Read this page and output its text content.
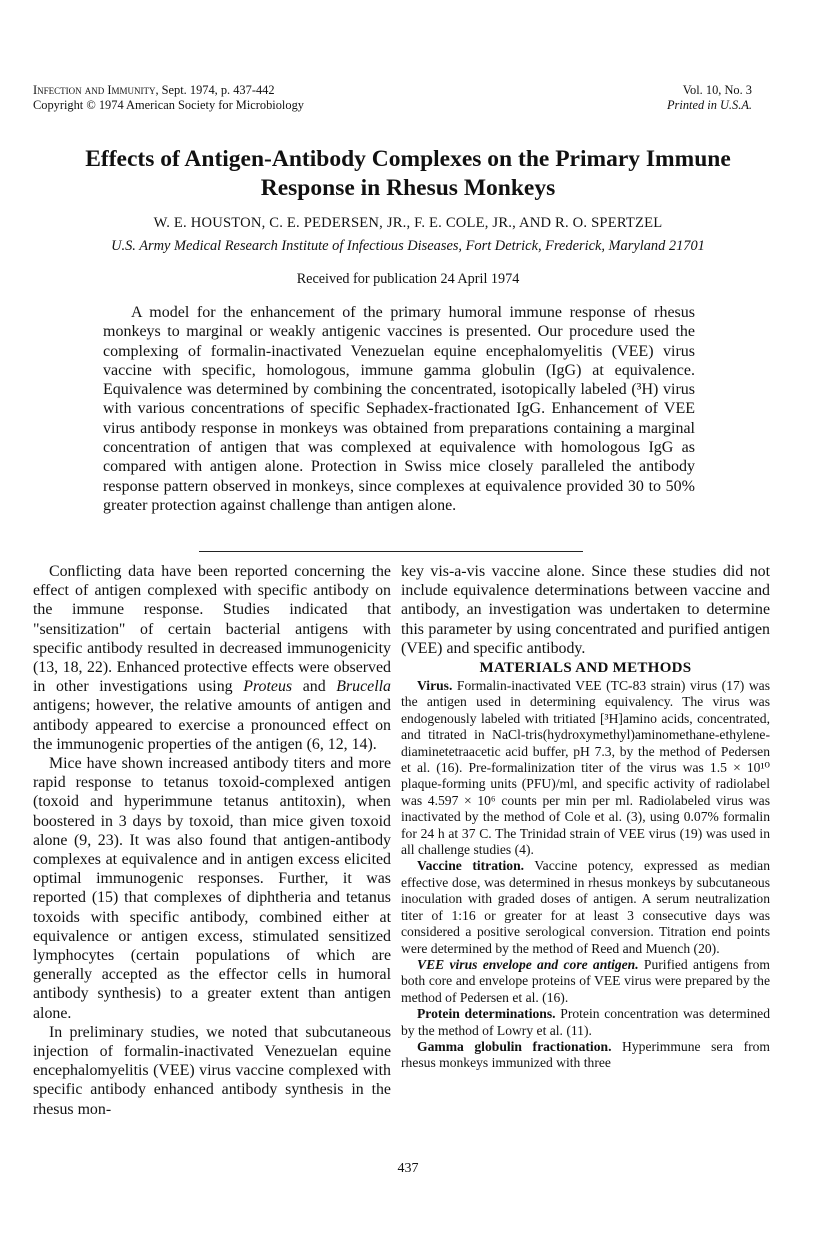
Infection and Immunity, Sept. 1974, p. 437-442
Copyright © 1974 American Society for Microbiology
Vol. 10, No. 3
Printed in U.S.A.
Effects of Antigen-Antibody Complexes on the Primary Immune Response in Rhesus Monkeys
W. E. HOUSTON, C. E. PEDERSEN, JR., F. E. COLE, JR., AND R. O. SPERTZEL
U.S. Army Medical Research Institute of Infectious Diseases, Fort Detrick, Frederick, Maryland 21701
Received for publication 24 April 1974

A model for the enhancement of the primary humoral immune response of rhesus monkeys to marginal or weakly antigenic vaccines is presented. Our procedure used the complexing of formalin-inactivated Venezuelan equine encephalomyelitis (VEE) virus vaccine with specific, homologous, immune gamma globulin (IgG) at equivalence. Equivalence was determined by combining the concentrated, isotopically labeled (³H) virus with various concentrations of specific Sephadex-fractionated IgG. Enhancement of VEE virus antibody response in monkeys was obtained from preparations containing a marginal concentration of antigen that was complexed at equivalence with homologous IgG as compared with antigen alone. Protection in Swiss mice closely paralleled the antibody response pattern observed in monkeys, since complexes at equivalence provided 30 to 50% greater protection against challenge than antigen alone.

Conflicting data have been reported concerning the effect of antigen complexed with specific antibody on the immune response. Studies indicated that "sensitization" of certain bacterial antigens with specific antibody resulted in decreased immunogenicity (13, 18, 22). Enhanced protective effects were observed in other investigations using Proteus and Brucella antigens; however, the relative amounts of antigen and antibody appeared to exercise a pronounced effect on the immunogenic properties of the antigen (6, 12, 14).

Mice have shown increased antibody titers and more rapid response to tetanus toxoid-complexed antigen (toxoid and hyperimmune tetanus antitoxin), when boostered in 3 days by toxoid, than mice given toxoid alone (9, 23). It was also found that antigen-antibody complexes at equivalence and in antigen excess elicited optimal immunogenic responses. Further, it was reported (15) that complexes of diphtheria and tetanus toxoids with specific antibody, combined either at equivalence or antigen excess, stimulated sensitized lymphocytes (certain populations of which are generally accepted as the effector cells in humoral antibody synthesis) to a greater extent than antigen alone.

In preliminary studies, we noted that subcutaneous injection of formalin-inactivated Venezuelan equine encephalomyelitis (VEE) virus vaccine complexed with specific antibody enhanced antibody synthesis in the rhesus mon-

key vis-a-vis vaccine alone. Since these studies did not include equivalence determinations between vaccine and antibody, an investigation was undertaken to determine this parameter by using concentrated and purified antigen (VEE) and specific antibody.

MATERIALS AND METHODS

Virus. Formalin-inactivated VEE (TC-83 strain) virus (17) was the antigen used in determining equivalency. The virus was endogenously labeled with tritiated [³H]amino acids, concentrated, and titrated in NaCl-tris(hydroxymethyl)aminomethane-ethylene-diaminetetraacetic acid buffer, pH 7.3, by the method of Pedersen et al. (16). Pre-formalinization titer of the virus was 1.5 × 10¹⁰ plaque-forming units (PFU)/ml, and specific activity of radiolabel was 4.597 × 10⁶ counts per min per ml. Radiolabeled virus was inactivated by the method of Cole et al. (3), using 0.07% formalin for 24 h at 37 C. The Trinidad strain of VEE virus (19) was used in all challenge studies (4).

Vaccine titration. Vaccine potency, expressed as median effective dose, was determined in rhesus monkeys by subcutaneous inoculation with graded doses of antigen. A serum neutralization titer of 1:16 or greater for at least 3 consecutive days was considered a positive serological conversion. Titration end points were determined by the method of Reed and Muench (20).

VEE virus envelope and core antigen. Purified antigens from both core and envelope proteins of VEE virus were prepared by the method of Pedersen et al. (16).

Protein determinations. Protein concentration was determined by the method of Lowry et al. (11).

Gamma globulin fractionation. Hyperimmune sera from rhesus monkeys immunized with three

437
